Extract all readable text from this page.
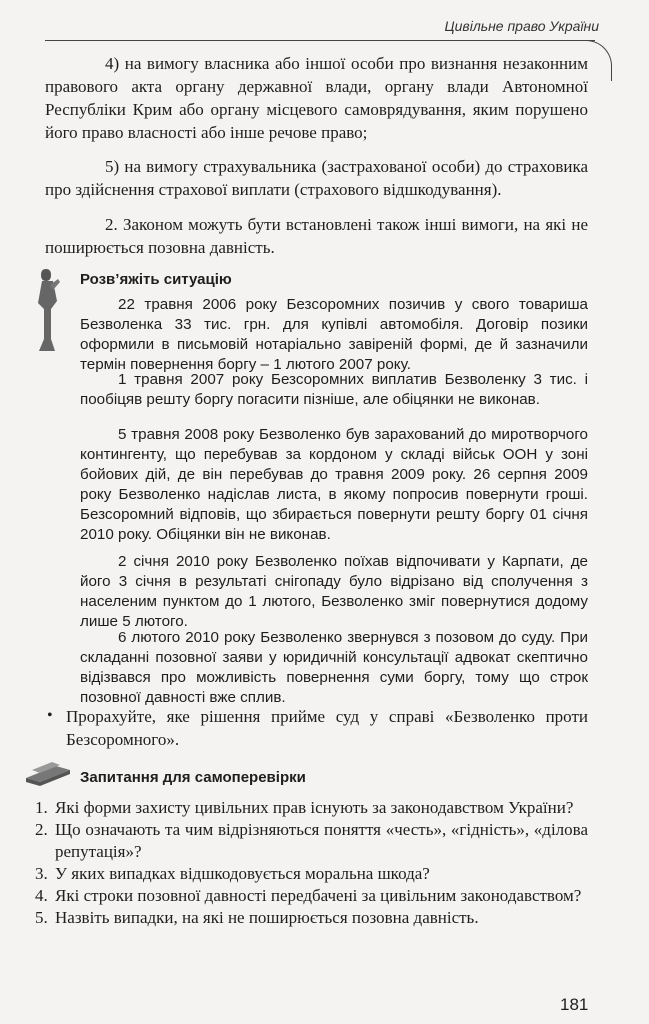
Цивільне право України

4) на вимогу власника або іншої особи про визнання незаконним правового акта органу державної влади, органу влади Автономної Республіки Крим або органу місцевого самоврядування, яким порушено його право власності або інше речове право;

5) на вимогу страхувальника (застрахованої особи) до страховика про здійснення страхової виплати (страхового відшкодування).

2. Законом можуть бути встановлені також інші вимоги, на які не поширюється позовна давність.

Розв’яжіть ситуацію

22 травня 2006 року Безсоромних позичив у свого товариша Безволенка 33 тис. грн. для купівлі автомобіля. Договір позики оформили в письмовій нотаріально завіреній формі, де й зазначили термін повернення боргу – 1 лютого 2007 року.

1 травня 2007 року Безсоромних виплатив Безволенку 3 тис. і пообіцяв решту боргу погасити пізніше, але обіцянки не виконав.

5 травня 2008 року Безволенко був зарахований до миротворчого контингенту, що перебував за кордоном у складі військ ООН у зоні бойових дій, де він перебував до травня 2009 року. 26 серпня 2009 року Безволенко надіслав листа, в якому попросив повернути гроші. Безсоромний відповів, що збирається повернути решту боргу 01 січня 2010 року. Обіцянки він не виконав.

2 січня 2010 року Безволенко поїхав відпочивати у Карпати, де його 3 січня в результаті снігопаду було відрізано від сполучення з населеним пунктом до 1 лютого, Безволенко зміг повернутися додому лише 5 лютого.

6 лютого 2010 року Безволенко звернувся з позовом до суду. При складанні позовної заяви у юридичній консультації адвокат скептично відізвався про можливість повернення суми боргу, тому що строк позовної давності вже сплив.

• Прорахуйте, яке рішення прийме суд у справі «Безволенко проти Безсоромного».

Запитання для самоперевірки
1. Які форми захисту цивільних прав існують за законодавством України?
2. Що означають та чим відрізняються поняття «честь», «гідність», «ділова репутація»?
3. У яких випадках відшкодовується моральна шкода?
4. Які строки позовної давності передбачені за цивільним законодавством?
5. Назвіть випадки, на які не поширюється позовна давність.
181
